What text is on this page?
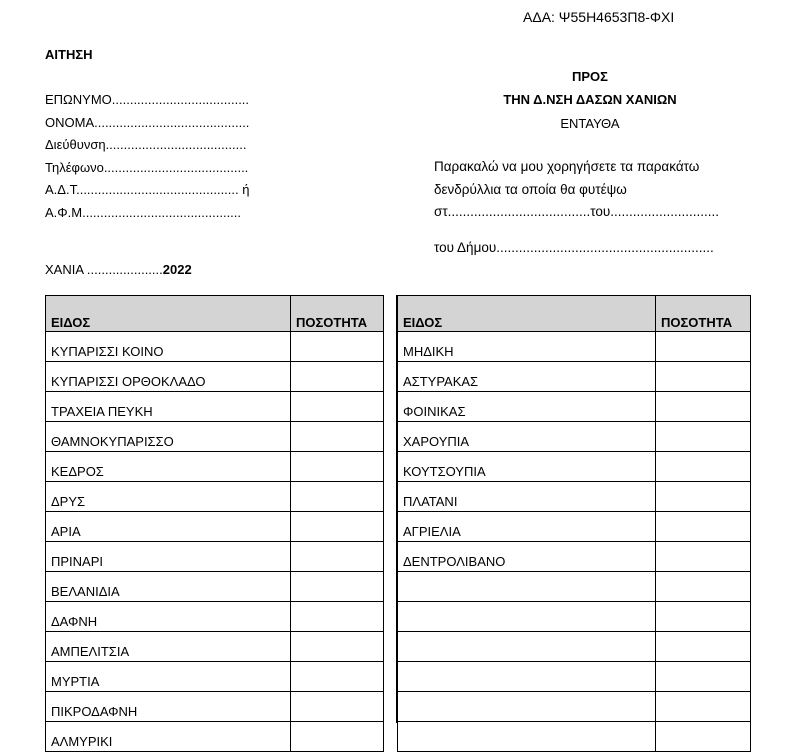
ΑΔΑ: Ψ55Η4653Π8-ΦΧΙ
ΑΙΤΗΣΗ
ΕΠΩΝΥΜΟ......................................
ΟΝΟΜΑ...........................................
Διεύθυνση.......................................
Τηλέφωνο........................................
Α.Δ.Τ............................................. ή
Α.Φ.Μ............................................
ΧΑΝΙΑ .....................2022
ΠΡΟΣ
ΤΗΝ Δ.ΝΣΗ ΔΑΣΩΝ ΧΑΝΙΩΝ
ΕΝΤΑΥΘΑ
Παρακαλώ να μου χορηγήσετε τα παρακάτω
δενδρύλλια τα οποία θα φυτέψω
στ......................................του.............................
του Δήμου..........................................................
ΕΙΔΟΣ	ΠΟΣΟΤΗΤΑ
ΚΥΠΑΡΙΣΣΙ ΚΟΙΝΟ	
ΚΥΠΑΡΙΣΣΙ ΟΡΘΟΚΛΑΔΟ	
ΤΡΑΧΕΙΑ ΠΕΥΚΗ	
ΘΑΜΝΟΚΥΠΑΡΙΣΣΟ	
ΚΕΔΡΟΣ	
ΔΡΥΣ	
ΑΡΙΑ	
ΠΡΙΝΑΡΙ	
ΒΕΛΑΝΙΔΙΑ	
ΔΑΦΝΗ	
ΑΜΠΕΛΙΤΣΙΑ	
ΜΥΡΤΙΑ	
ΠΙΚΡΟΔΑΦΝΗ	
ΑΛΜΥΡΙΚΙ	
ΕΙΔΟΣ	ΠΟΣΟΤΗΤΑ
ΜΗΔΙΚΗ	
ΑΣΤΥΡΑΚΑΣ	
ΦΟΙΝΙΚΑΣ	
ΧΑΡΟΥΠΙΑ	
ΚΟΥΤΣΟΥΠΙΑ	
ΠΛΑΤΑΝΙ	
ΑΓΡΙΕΛΙΑ	
ΔΕΝΤΡΟΛΙΒΑΝΟ	
